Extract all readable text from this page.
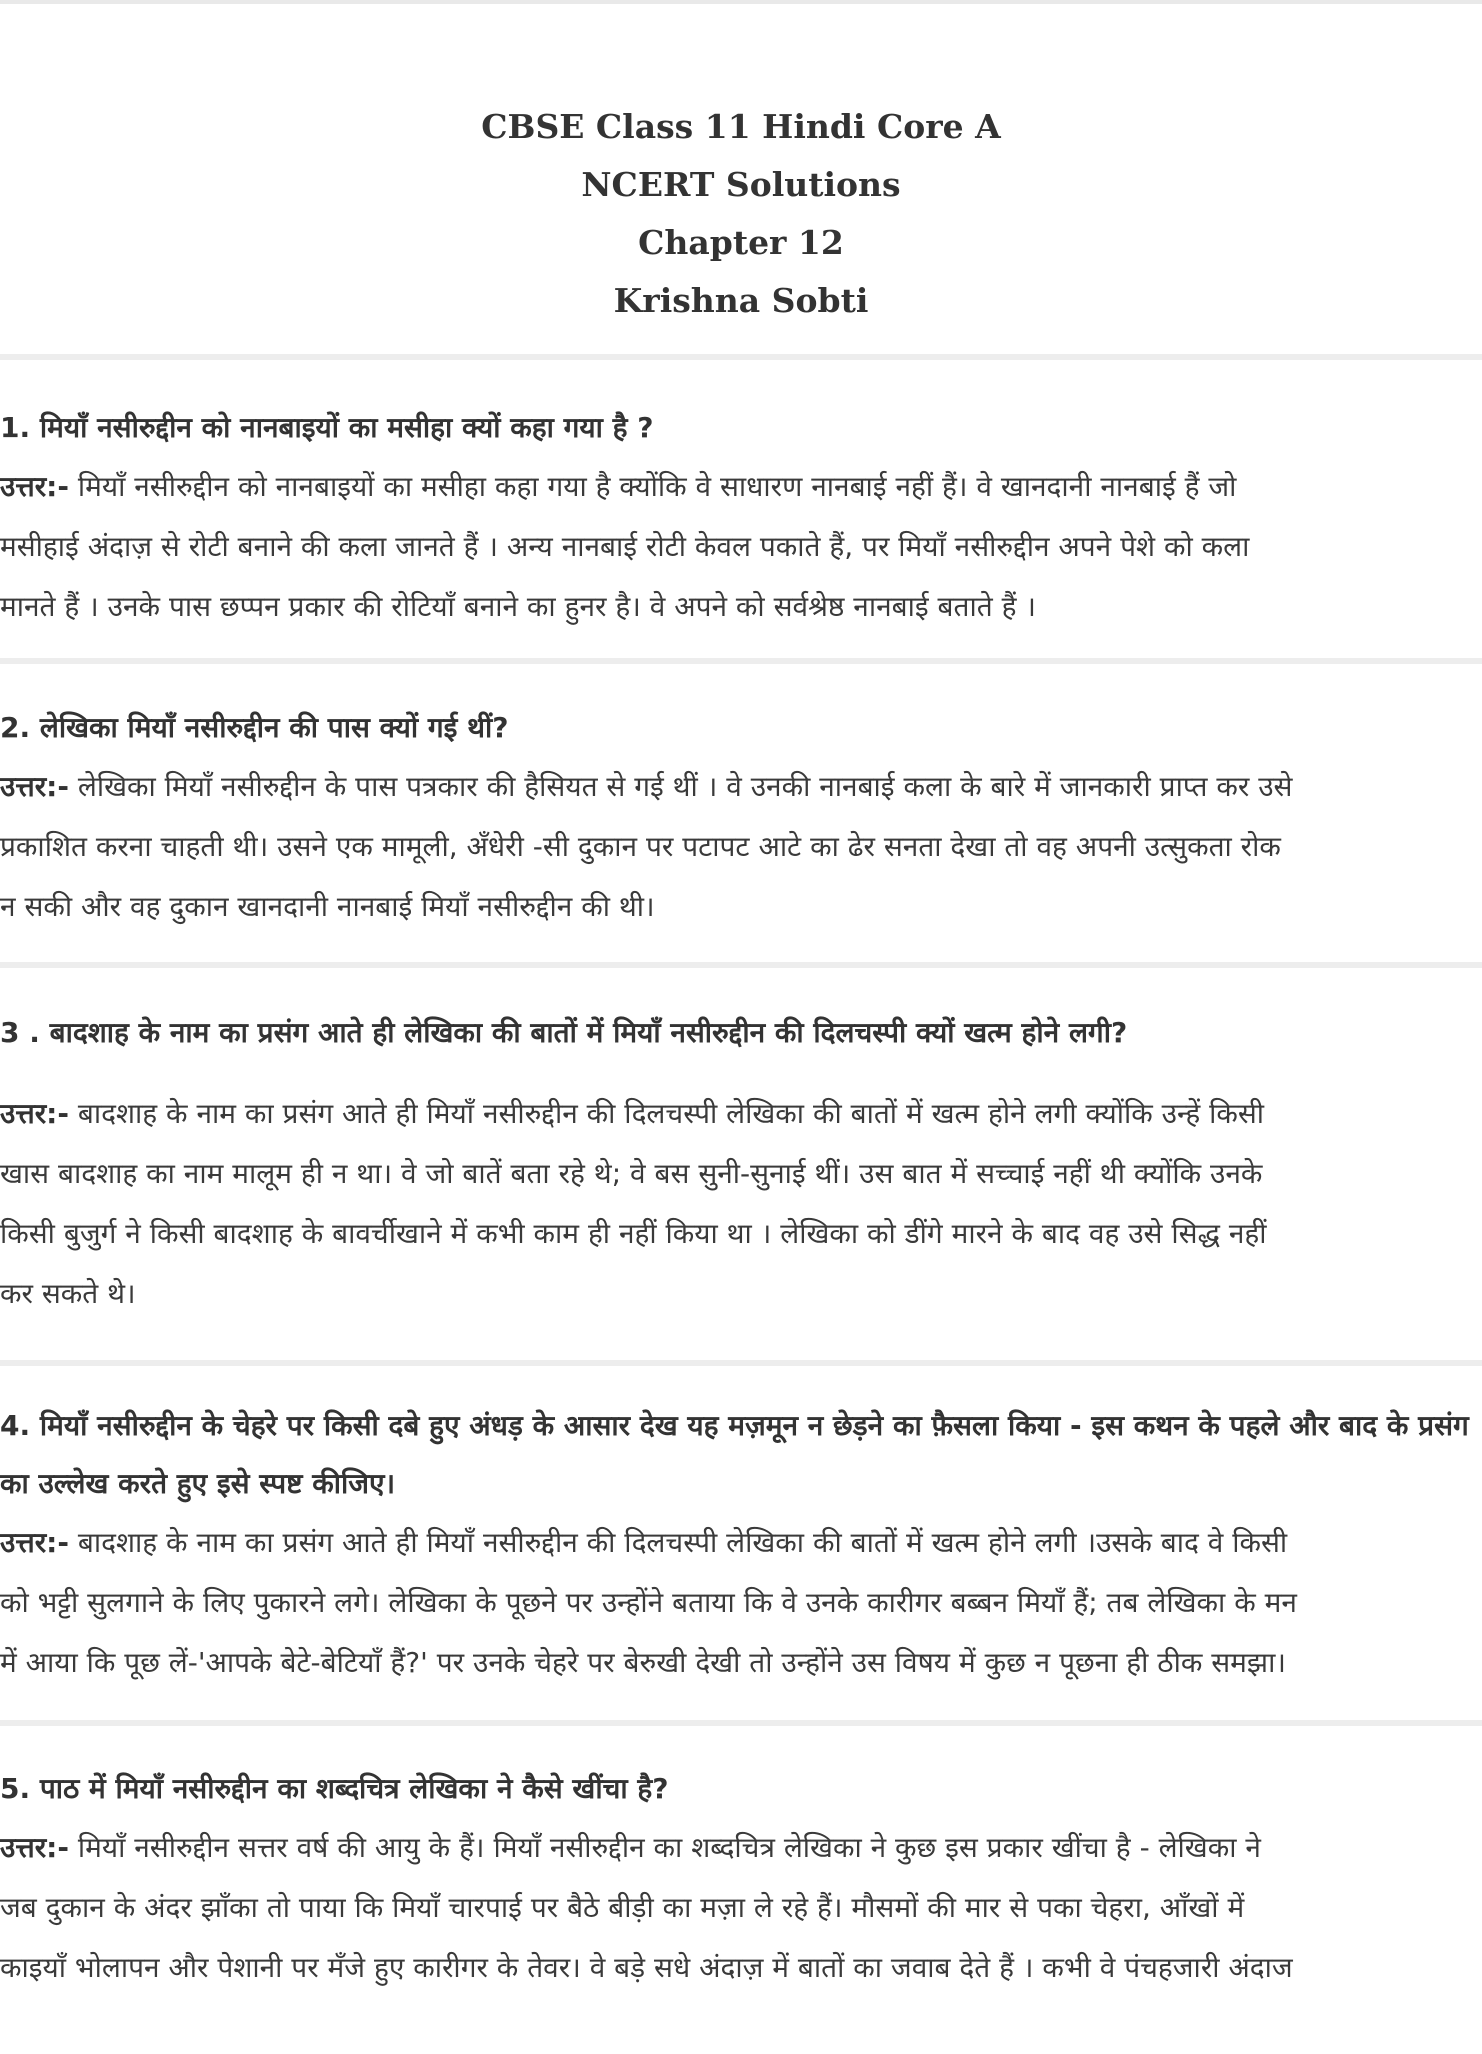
CBSE Class 11 Hindi Core A
NCERT Solutions
Chapter 12
Krishna Sobti
1. मियाँ नसीरुद्दीन को नानबाइयों का मसीहा क्यों कहा गया है ?
उत्तर:- मियाँ नसीरुद्दीन को नानबाइयों का मसीहा कहा गया है क्योंकि वे साधारण नानबाई नहीं हैं। वे खानदानी नानबाई हैं जो
मसीहाई अंदाज़ से रोटी बनाने की कला जानते हैं । अन्य नानबाई रोटी केवल पकाते हैं, पर मियाँ नसीरुद्दीन अपने पेशे को कला
मानते हैं । उनके पास छप्पन प्रकार की रोटियाँ बनाने का हुनर है। वे अपने को सर्वश्रेष्ठ नानबाई बताते हैं ।
2. लेखिका मियाँ नसीरुद्दीन की पास क्यों गई थीं?
उत्तर:- लेखिका मियाँ नसीरुद्दीन के पास पत्रकार की हैसियत से गई थीं । वे उनकी नानबाई कला के बारे में जानकारी प्राप्त कर उसे
प्रकाशित करना चाहती थी। उसने एक मामूली, अँधेरी -सी दुकान पर पटापट आटे का ढेर सनता देखा तो वह अपनी उत्सुकता रोक
न सकी और वह दुकान खानदानी नानबाई मियाँ नसीरुद्दीन की थी।
3 . बादशाह के नाम का प्रसंग आते ही लेखिका की बातों में मियाँ नसीरुद्दीन की दिलचस्पी क्यों खत्म होने लगी?
उत्तर:- बादशाह के नाम का प्रसंग आते ही मियाँ नसीरुद्दीन की दिलचस्पी लेखिका की बातों में खत्म होने लगी क्योंकि उन्हें किसी
खास बादशाह का नाम मालूम ही न था। वे जो बातें बता रहे थे; वे बस सुनी-सुनाई थीं। उस बात में सच्चाई नहीं थी क्योंकि उनके
किसी बुजुर्ग ने किसी बादशाह के बावर्चीखाने में कभी काम ही नहीं किया था । लेखिका को डींगे मारने के बाद वह उसे सिद्ध नहीं
कर सकते थे।
4. मियाँ नसीरुद्दीन के चेहरे पर किसी दबे हुए अंधड़ के आसार देख यह मज़मून न छेड़ने का फ़ैसला किया - इस कथन के पहले और बाद के प्रसंग का उल्लेख करते हुए इसे स्पष्ट कीजिए।
उत्तर:- बादशाह के नाम का प्रसंग आते ही मियाँ नसीरुद्दीन की दिलचस्पी लेखिका की बातों में खत्म होने लगी ।उसके बाद वे किसी
को भट्टी सुलगाने के लिए पुकारने लगे। लेखिका के पूछने पर उन्होंने बताया कि वे उनके कारीगर बब्बन मियाँ हैं; तब लेखिका के मन
में आया कि पूछ लें-'आपके बेटे-बेटियाँ हैं?' पर उनके चेहरे पर बेरुखी देखी तो उन्होंने उस विषय में कुछ न पूछना ही ठीक समझा।
5. पाठ में मियाँ नसीरुद्दीन का शब्दचित्र लेखिका ने कैसे खींचा है?
उत्तर:- मियाँ नसीरुद्दीन सत्तर वर्ष की आयु के हैं। मियाँ नसीरुद्दीन का शब्दचित्र लेखिका ने कुछ इस प्रकार खींचा है - लेखिका ने
जब दुकान के अंदर झाँका तो पाया कि मियाँ चारपाई पर बैठे बीड़ी का मज़ा ले रहे हैं। मौसमों की मार से पका चेहरा, आँखों में
काइयाँ भोलापन और पेशानी पर मँजे हुए कारीगर के तेवर। वे बड़े सधे अंदाज़ में बातों का जवाब देते हैं । कभी वे पंचहजारी अंदाज
